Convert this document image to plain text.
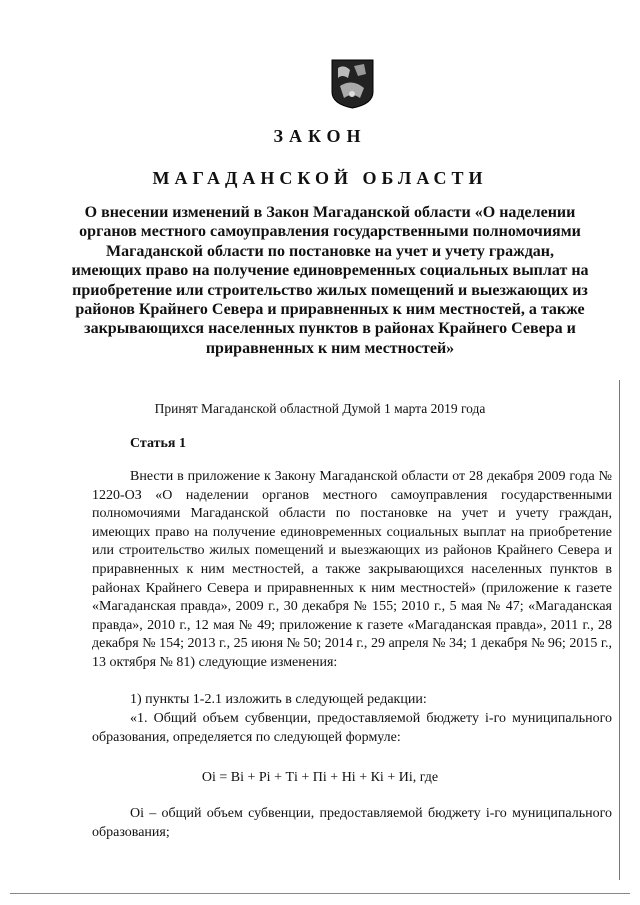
ЗАКОН
МАГАДАНСКОЙ ОБЛАСТИ
О внесении изменений в Закон Магаданской области «О наделении органов местного самоуправления государственными полномочиями Магаданской области по постановке на учет и учету граждан, имеющих право на получение единовременных социальных выплат на приобретение или строительство жилых помещений и выезжающих из районов Крайнего Севера и приравненных к ним местностей, а также закрывающихся населенных пунктов в районах Крайнего Севера и приравненных к ним местностей»
Принят Магаданской областной Думой 1 марта 2019 года
Статья 1

Внести в приложение к Закону Магаданской области от 28 декабря 2009 года № 1220-ОЗ «О наделении органов местного самоуправления государственными полномочиями Магаданской области по постановке на учет и учету граждан, имеющих право на получение единовременных социальных выплат на приобретение или строительство жилых помещений и выезжающих из районов Крайнего Севера и приравненных к ним местностей, а также закрывающихся населенных пунктов в районах Крайнего Севера и приравненных к ним местностей» (приложение к газете «Магаданская правда», 2009 г., 30 декабря № 155; 2010 г., 5 мая № 47; «Магаданская правда», 2010 г., 12 мая № 49; приложение к газете «Магаданская правда», 2011 г., 28 декабря № 154; 2013 г., 25 июня № 50; 2014 г., 29 апреля № 34; 1 декабря № 96; 2015 г., 13 октября № 81) следующие изменения:

1) пункты 1-2.1 изложить в следующей редакции:

«1. Общий объем субвенции, предоставляемой бюджету i-го муниципального образования, определяется по следующей формуле:

Оi = Вi + Рi + Тi + Пi + Нi + Кi + Иi, где

Оi – общий объем субвенции, предоставляемой бюджету i-го муниципального образования;
